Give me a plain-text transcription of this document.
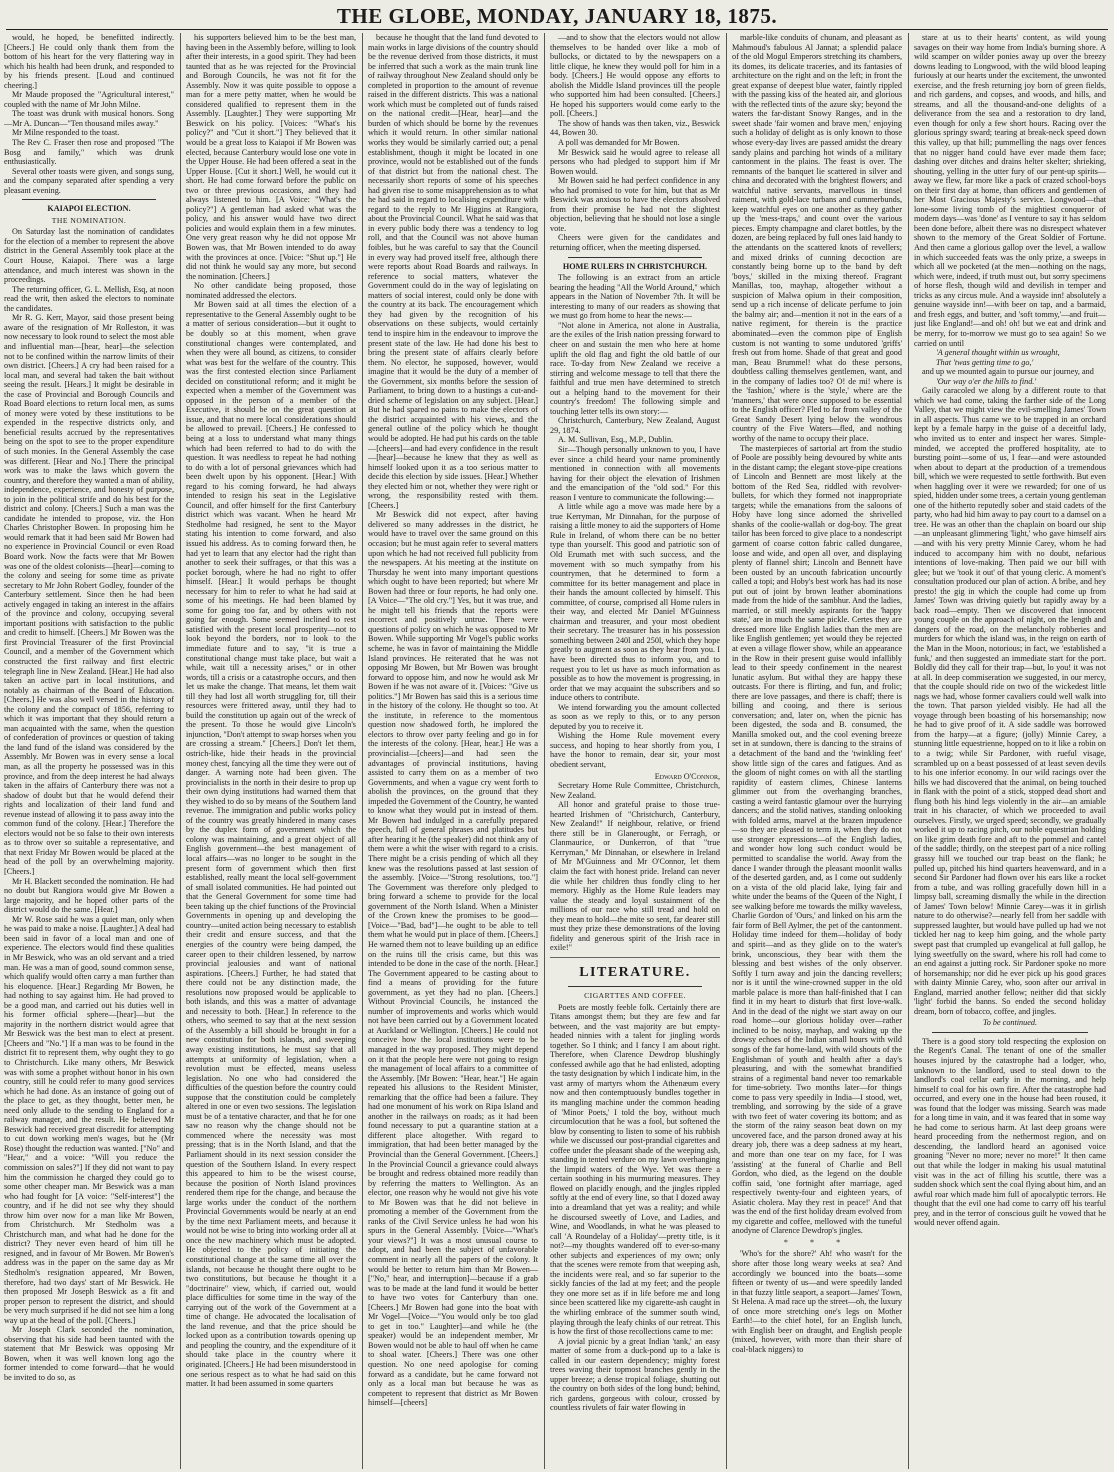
THE GLOBE, MONDAY, JANUARY 18, 1875.

would, he hoped, be benefitted indirectly. [Cheers.] He could only thank them from the bottom of his heart for the very flattering way in which his health had been drunk, and responded to by his friends present. [Loud and continued cheering.]

Mr Maude proposed the "Agricultural interest," coupled with the name of Mr John Milne.

The toast was drunk with musical honors. Song—Mr A. Duncan—"Ten thousand miles away."

Mr Milne responded to the toast.

The Rev C. Fraser then rose and proposed "The Bosg and family," which was drunk enthusiastically.

Several other toasts were given, and songs sung, and the company separated after spending a very pleasant evening.

KAIAPOI ELECTION.

THE NOMINATION.

On Saturday last the nomination of candidates for the election of a member to represent the above district in the General Assembly took place at the Court House, Kaiapoi. There was a large attendance, and much interest was shown in the proceedings.

The returning officer, G. L. Mellish, Esq, at noon read the writ, then asked the electors to nominate the candidates.

Mr R. G. Kerr, Mayor, said those present being aware of the resignation of Mr Rolleston, it was now necessary to look round to select the most able and influential man—[hear, hear]—the selection not to be confined within the narrow limits of their own district. [Cheers.] A cry had been raised for a local man, and several had taken the bait without seeing the result. [Hears.] It might be desirable in the case of Provincial and Borough Councils and Road Board elections to return local men, as sums of money were voted by these institutions to be expended in the respective districts only, and beneficial results accrued by the representatives being on the spot to see to the proper expenditure of such monies. In the General Assembly the case was different. [Hear and No.] There the principal work was to make the laws which govern the country, and therefore they wanted a man of ability, independence, experience, and honesty of purpose, to join in the political strife and do his best for the district and colony. [Cheers.] Such a man was the candidate he intended to propose, viz. the Hon Charles Christopher Bowen. In proposing him he would remark that it had been said Mr Bowen had no experience in Provincial Council or even Road Board work. Now the facts were that Mr Bowen was one of the oldest colonists—[hear]—coming to the colony and seeing for some time as private secretary to Mr John Robert Godley, founder of the Canterbury settlement. Since then he had been actively engaged in taking an interest in the affairs of the province and colony, occupying several important positions with satisfaction to the public and credit to himself. [Cheers.] Mr Bowen was the first Provincial Treasurer of the first Provincial Council, and a member of the Government which constructed the first railway and first electric telegraph line in New Zealand. [Hear.] He had also taken an active part in local institutions, and notably as chairman of the Board of Education. [Cheers.] He was also well versed in the history of the colony and the compact of 1856, referring to which it was important that they should return a man acquainted with the same, when the question of confederation of provinces or question of taking the land fund of the island was considered by the Assembly. Mr Bowen was in every sense a local man, as all the property he possessed was in this province, and from the deep interest he had always taken in the affairs of Canterbury there was not a shadow of doubt but that he would defend their rights and localization of their land fund and revenue instead of allowing it to pass away into the common fund of the colony. [Hear.] Therefore the electors would not be so false to their own interests as to throw over so suitable a representative, and that next Friday Mr Bowen would be placed at the head of the poll by an overwhelming majority. [Cheers.]

Mr H. Blackett seconded the nomination. He had no doubt but Rangiora would give Mr Bowen a large majority, and he hoped other parts of the district would do the same. [Hear.]

Mr W. Rose said he was a quiet man, only when he was paid to make a noise. [Laughter.] A deal had been said in favor of a local man and one of experience. The electors would find these qualities in Mr Beswick, who was an old servant and a tried man. He was a man of good, sound common sense, which qualify would often carry a man further than his eloquence. [Hear.] Regarding Mr Bowen, he had nothing to say against him. He had proved to be a good man, and carried out his duties well in his former official sphere—[hear]—but the majority in the northern district would agree that Mr Beswick was the best man to elect at present. [Cheers and "No."] If a man was to be found in the district fit to represent them, why ought they to go to Christchurch. Like many others, Mr Beswick was with some a prophet without honor in his own country, still he could refer to many good services which he had done. As an instance of going out of the place to get, as they thought, better men, he need only allude to the sending to England for a railway manager, and the result. He believed Mr Beswick had received great discredit for attempting to cut down working men's wages, but he (Mr Rose) thought the reduction was wanted. ["No" and "Hear," and a voice: "Will you reduce the commission on sales?"] If they did not want to pay him the commission he charged they could go to some other cheaper man. Mr Beswick was a man who had fought for [A voice: "Self-interest"] the country, and if he did not see why they should throw him over now for a man like Mr Bowen, from Christchurch. Mr Stedholm was a Christchurch man, and what had he done for the district? They never even heard of him till he resigned, and in favour of Mr Bowen. Mr Bowen's address was in the paper on the same day as Mr Stedholm's resignation appeared, Mr Bowen, therefore, had two days' start of Mr Beswick. He then proposed Mr Joseph Beswick as a fit and proper person to represent the district, and should be very much surprised if he did not see him a long way up at the head of the poll. [Cheers.]

Mr Joseph Clark seconded the nomination, observing that his side had been taunted with the statement that Mr Beswick was opposing Mr Bowen, when it was well known long ago the former intended to come forward—that he would be invited to do so, as

his supporters believed him to be the best man, having been in the Assembly before, willing to look after their interests, in a good spirit. They had been taunted that as he was rejected for the Provincial and Borough Councils, he was not fit for the Assembly. Now it was quite possible to oppose a man for a mere petty matter, when he would be considered qualified to represent them in the Assembly. [Laughter.] They were supporting Mr Beswick on his policy. [Voices: "What's his policy?" and "Cut it short."] They believed that it would be a great loss to Kaiapoi if Mr Bowen was elected, because Canterbury would lose one vote in the Upper House. He had been offered a seat in the Upper House. [Cut it short.] Well, he would cut it short. He had come forward before the public on two or three previous occasions, and they had always listened to him. [A Voice: "What's the policy?"] A gentleman had asked what was the policy, and his answer would have two direct policies and would explain them in a few minutes. One very great reason why he did not oppose Mr Bowen was, that Mr Bowen intended to do away with the provinces at once. [Voice: "Shut up."] He did not think he would say any more, but second the nomination. [Cheers.]

No other candidate being proposed, those nominated addressed the electors.

Mr Bowen said at all times the election of a representative to the General Assembly ought to be a matter of serious consideration—but it ought to be doubly so at this moment, when grave constitutional changes were contemplated, and when they were all bound, as citizens, to consider what was best for the welfare of the country. This was the first contested election since Parliament decided on constitutional reform; and it might be expected when a member of the Government was opposed in the person of a member of the Executive, it should be on the great question at issue, and that no mere local considerations should be allowed to prevail. [Cheers.] He confessed to being at a loss to understand what many things which had been referred to had to do with the question. It was needless to repeat he had nothing to do with a lot of personal grievances which had been dwelt upon by his opponent. [Hear.] With regard to his coming forward, he had always intended to resign his seat in the Legislative Council, and offer himself for the first Canterbury district which was vacant. When he heard Mr Stedholme had resigned, he sent to the Mayor stating his intention to come forward, and also issued his address. As to coming forward then, he had yet to learn that any elector had the right than another to seek their suffrages, or that this was a pocket borough, where he had no right to offer himself. [Hear.] It would perhaps be thought necessary for him to refer to what he had said at some of his meetings. He had been blamed by some for going too far, and by others with not going far enough. Some seemed inclined to rest satisfied with the present local prosperity—not to look beyond the borders, nor to look to the immediate future and to say, "it is true a constitutional change must take place, but wait a while, wait till a necessity arises," or in other words, till a crisis or a catastrophe occurs, and then let us make the change. That means, let them wait till they had lost all worth struggling for, till their resources were frittered away, until they had to build the constitution up again out of the wreck of the present. To those he would give Lincoln's injunction, "Don't attempt to swap horses when you are crossing a stream." [Cheers.] Don't let them, ostrich-like, hide their heads in the provincial money chest, fancying all the time they were out of danger. A warning note had been given. The provincialists in the north in their desire to prop up their own dying institutions had warned them that they wished to do so by means of the Southern land revenue. The immigration and public works policy of the country was greatly hindered in many cases by the duplex form of government which the colony was maintaining, and a great object of all English government—the best management of local affairs—was no longer to be sought in the present form of government which then first established, really meant the local self-government of small isolated communities. He had pointed out that the General Government for some time had been taking up the chief functions of the Provincial Governments in opening up and developing the country—united action being necessary to establish their credit and ensure success, and that the energies of the country were being damped, the career open to their children lessened, by narrow provincial jealousies and want of national aspirations. [Cheers.] Further, he had stated that there could not be any distinction made, the resolutions now proposed would be applicable to both islands, and this was a matter of advantage and necessity to both. [Hear.] In reference to the others, who seemed to say that at the next session of the Assembly a bill should be brought in for a new constitution for both islands, and sweeping away existing institutions, he must say that all attempts at uniformity of legislation, when a revolution must be effected, means useless legislation. No one who had considered the difficulties of the question before the country could suppose that the constitution could be completely altered in one or even two sessions. The legislation must be of a tentative character, and that he for one saw no reason why the change should not be commenced where the necessity was most pressing; that is in the North Island, and that the Parliament should in its next session consider the question of the Southern Island. In every respect this appeared to him to be the wisest course, because the position of North Island provinces rendered them ripe for the change, and because the large works under the conduct of the northern Provincial Governments would be nearly at an end by the time next Parliament meets, and because it would not be wise to bring into working order all at once the new machinery which must be adopted. He objected to the policy of initiating the constitutional change at the same time all over the islands, not because he thought there ought to be two constitutions, but because he thought it a "doctrinaire" view, which, if carried out, would place difficulties for some time in the way of the carrying out of the work of the Government at a time of change. He advocated the localisation of the land revenue, and that the price should be locked upon as a contribution towards opening up and peopling the country, and the expenditure of it should take place in the country where it originated. [Cheers.] He had been misunderstood in one serious respect as to what he had said on this matter. It had been assumed in some quarters

because he thought that the land fund devoted to main works in large divisions of the country should be the revenue derived from those districts, it must be inferred that such a work as the main trunk line of railway throughout New Zealand should only be completed in proportion to the amount of revenue raised in the different districts. This was a national work which must be completed out of funds raised on the national credit—[Hear, hear]—and the burden of which should be borne by the revenues which it would return. In other similar national works they would be similarly carried out; a penal establishment, though it might be located in one province, would not be established out of the funds of that district but from the national chest. The necessarily short reports of some of his speeches had given rise to some misapprehension as to what he had said in regard to localising expenditure with regard to the reply to Mr Higgins at Rangiora, about the Provincial Council. What he said was that in every public body there was a tendency to log roll, and that the Council was not above human foibles, but he was careful to say that the Council in every way had proved itself free, although there were reports about Road Boards and railways. In reference to social matters, whatever the Government could do in the way of legislating on matters of social interest, could only be done with the country at its back. The encouragement which they had given by the recognition of his observations on these subjects, would certainly tend to inspire him in the endeavour to improve the present state of the law. He had done his best to bring the present state of affairs clearly before them. No elector, he supposed, however, would imagine that it would be the duty of a member of the Government, six months before the session of Parliament, to bring down to a hustings a cut-and-dried scheme of legislation on any subject. [Hear.] But he had spared no pains to make the electors of the district acquainted with his views, and the general outline of the policy which he thought would be adopted. He had put his cards on the table—[cheers]—and had every confidence in the result—[hear]—because he knew that they as well as himself looked upon it as a too serious matter to decide this election by side issues. [Hear.] Whether they elected him or not, whether they were right or wrong, the responsibility rested with them. [Cheers.]

Mr Beswick did not expect, after having delivered so many addresses in the district, he would have to travel over the same ground on this occasion; but he must again refer to several matters upon which he had not received full publicity from the newspapers. At his meeting at the institute on Thursday he went into many important questions which ought to have been reported; but where Mr Bowen had three or four reports, he had only one. [A Voice—"The old cry."] Yes, but it was true, and he might tell his friends that the reports were incorrect and positively untrue. There were questions of policy on which he was opposed to Mr Bowen. While supporting Mr Vogel's public works scheme, he was in favor of maintaining the Middle Island provinces. He reiterated that he was not opposing Mr Bowen, but Mr Bowen was brought forward to oppose him, and now he would ask Mr Bowen if he was not aware of it. [Voices: "Give us politics."] Mr Bowen has said this is a serious time in the history of the colony. He thought so too. At the institute, in reference to the momentous question now shadowed forth, he implored the electors to throw over party feeling and go in for the interests of the colony. [Hear, hear.] He was a provincialist—[cheers]—and had seen the advantages of provincial institutions, having assisted to carry them on as a member of two Governments, and when a vague cry went forth to abolish the provinces, on the ground that they impeded the Government of the Country, he wanted to know what they would put in instead of them. Mr Bowen had indulged in a carefully prepared speech, full of general phrases and platitudes but after hearing it he (the speaker) did not think any of them were a whit the wiser with regard to a crisis. There might be a crisis pending of which all they knew was the resolutions passed at last session of the assembly. [Voice—"Strong resolutions, too."] The Government was therefore only pledged to bring forward a scheme to provide for the local government of the North Island. When a Minister of the Crown knew the promises to be good—[Voice—"Bad, bad"]—he ought to be able to tell them what he would put in place of them. [Cheers.] He warned them not to leave building up an edifice on the ruins till the crisis came, but this was intended to be done in the case of the north. [Hear.] The Government appeared to be casting about to find a means of providing for the future government, as yet they had no plan. [Cheers.] Without Provincial Councils, he instanced the number of improvements and works which would not have been carried out by a Government located at Auckland or Wellington. [Cheers.] He could not conceive how the local institutions were to be managed in the way proposed. They might depend on it that the people here were not going to resign the management of local affairs to a committee of the Assembly. [Mr Bowen: "Hear, hear."] He again repeated his allusions to the Resident Minister, remarking that the office had been a failure. They had one monument of his work on Ripa Island and another in the railways on roads; as it had been found necessary to put a quarantine station at a different place altogether. With regard to immigration, that had been better managed by the Provincial than the General Government. [Cheers.] In the Provincial Council a grievance could always be brought and redress obtained more readily than by referring the matters to Wellington. As an elector, one reason why he would not give his vote to Mr Bowen was that he did not believe in promoting a member of the Government from the ranks of the Civil Service unless he had won his spurs in the General Assembly. [Voice—"What's your views?"] It was a most unusual course to adopt, and had been the subject of unfavorable comment in nearly all the papers of the colony. It would be better to return him than Mr Bowen—["No," hear, and interruption]—because if a grab was to be made at the land fund it would be better to have two votes for Canterbury than one. [Cheers.] Mr Bowen had gone into the boat with Mr Vogel—[Voice—"You would only be too glad to get in too." Laughter]—and while he (the speaker) would be an independent member, Mr Bowen would not be able to haul off when he came to shoal water. [Cheers.] There was one other question. No one need apologise for coming forward as a candidate, but he came forward not only as a local man but because he was as competent to represent that district as Mr Bowen himself—[cheers]

—and to show that the electors would not allow themselves to be handed over like a mob of bullocks, or dictated to by the newspapers on a little clique, he knew they would poll for him in a body. [Cheers.] He would oppose any efforts to abolish the Middle Island provinces till the people who supported him had been consulted. [Cheers.] He hoped his supporters would come early to the poll. [Cheers.]

The show of hands was then taken, viz., Beswick 44, Bowen 30.

A poll was demanded for Mr Bowen.

Mr Beswick said he would agree to release all persons who had pledged to support him if Mr Bowen would.

Mr Bowen said he had perfect confidence in any who had promised to vote for him, but that as Mr Beswick was anxious to have the electors absolved from their promise he had not the slightest objection, believing that he should not lose a single vote.

Cheers were given for the candidates and returning officer, when the meeting dispersed.

HOME RULERS IN CHRISTCHURCH.

The following is an extract from an article bearing the heading "All the World Around," which appears in the Nation of November 7th. It will be interesting to many of our readers as showing that we must go from home to hear the news:—

"Not alone in America, not alone in Australia, are the exiles of the Irish nation pressing forward to cheer on and sustain the men who here at home uplift the old flag and fight the old battle of our race. To-day from New Zealand we receive a stirring and welcome message to tell that there the faithful and true men have determined to stretch out a helping hand to the movement for their country's freedom! The following simple and touching letter tells its own story:—

Christchurch, Canterbury, New Zealand, August 29, 1874.

A. M. Sullivan, Esq., M.P., Dublin.

Sir—Though personally unknown to you, I have ever since a child heard your name prominently mentioned in connection with all movements having for their object the elevation of Irishmen and the emancipation of the "old sod." For this reason I venture to communicate the following:—

A little while ago a move was made here by a true Kerryman, Mr Dinnahan, for the purpose of raising a little money to aid the supporters of Home Rule in Ireland, of whom there can be no better type than yourself. This good and patriotic son of Old Erumath met with such success, and the movement with so much sympathy from his countrymen, that he determined to form a committee for its better management and place in their hands the amount collected by himself. This committee, of course, comprised all Home rulers in their way, and elected Mr Daniel M'Guinness chairman and treasurer, and your most obedient their secretary. The treasurer has in his possession something between 240l and 250l, which they hope greatly to augment as soon as they hear from you. I have been directed thus to inform you, and to request you to let us have as much information as possible as to how the movement is progressing, in order that we may acquaint the subscribers and so induce others to contribute.

We intend forwarding you the amount collected as soon as we reply to this, or to any person deputed by you to receive it.

Wishing the Home Rule movement every success, and hoping to hear shortly from you, I have the honor to remain, dear sir, your most obedient servant,

Edward O'Connor,

Secretary Home Rule Committee, Christchurch, New Zealand.

All honor and grateful praise to those true-hearted Irishmen of "Christchurch, Canterbury, New Zealand!" If neighbour, relative, or friend there still be in Glanerought, or Ferragh, or Clanmaurice, or Dunkerron, of that "true Kerryman," Mr Dinnahan, or elsewhere in Ireland of Mr M'Guinness and Mr O'Connor, let them claim the fact with honest pride. Ireland can never die while her children thus fondly cling to her memory. Highly as the Home Rule leaders may value the steady and loyal sustainment of the millions of our race who still tread and hold on they mean to hold—the mite so sent, far dearer still must they prize these demonstrations of the loving fidelity and generous spirit of the Irish race in exile!"

LITERATURE.

CIGARTTES AND COFFEE.

Poets are mostly feeble folk. Certainly there are Titans amongst them; but they are few and far between, and the vast majority are but empty-headed ninnies with a talent for jingling words together. So I think; and I fancy I am about right. Therefore, when Clarence Dewdrop blushingly confessed awhile ago that he had enlisted, adopting the tasty designation by which I indicate him, in the vast army of martyrs whom the Athenæum every now and then contemptuously bundles together in its mangling machine under the common heading of 'Minor Poets,' I told the boy, without much circumlocution that he was a fool, but softened the blow by consenting to listen to some of his rubbish while we discussed our post-prandial cigarettes and coffee under the pleasant shade of the weeping ash, standing in tented verdure on my lawn overhanging the limpid waters of the Wye. Yet was there a certain soothing in his murmuring measures. They flowed on placidly enough, and the jingles rippled softly at the end of every line, so that I dozed away into a dreamland that yet was a reality; and while he discoursed sweetly of Love, and Ladies, and Wine, and Woodlands, in what he was pleased to call 'A Roundelay of a Holiday'—pretty title, is it not?—my thoughts wandered off to ever-so-many other subjects and experiences of my own; only that the scenes were remote from that weeping ash, the incidents were real, and so far superior to the sickly fancies of the lad at my feet; and the people they one more set as if in life before me and long since been scattered like my cigarette-ash caught in the whirling embrace of the summer south wind, playing through the leafy chinks of our retreat. This is how the first of those recollections came to me:

A jovial picnic by a great Indian 'tank,' an easy matter of some from a duck-pond up to a lake is called in our eastern dependency; mighty forest trees waving their topmost branches gently in the upper breeze; a dense tropical foliage, shutting out the country on both sides of the long bund; behind, rich gardens, gorgeous with colour, crossed by countless rivulets of fair water flowing in

marble-like conduits of chunam, and pleasant as Mahmoud's fabulous Al Jannat; a splendid palace of the old Mogul Emperors stretching its chambers, its domes, its delicate traceries, and its fantasies of architecture on the right and on the left; in front the great expanse of deepest blue water, faintly rippled with the passing kiss of the heated air, and glorious with the reflected tints of the azure sky; beyond the waters the far-distant Snowy Ranges, and in the sweet shade 'fair women and brave men,' enjoying such a holiday of delight as is only known to those whose every-day lives are passed amidst the dreary sandy plains and parching hot winds of a military cantonment in the plains. The feast is over. The remnants of the banquet lie scattered in silver and china and decorated with the brightest flowers; and watchful native servants, marvellous in tinsel raiment, with gold-lace turbans and cummerbunds, keep watchful eyes on one another as they gather up the 'mess-traps,' and count over the various pieces. Empty champagne and claret bottles, by the dozen, are being replaced by full ones laid handy to the attendants on the scattered knots of revellers; and mixed drinks of cunning decoction are constantly being borne up to the band by deft 'boys,' skilled in the mixing thereof. Fragrant Manillas, too, mayhap, altogether without a suspicion of Malwa opium in their composition, send up a rich incense of delicate perfume to join the balmy air; and—mention it not in the ears of a native regiment, for therein is the practice abominated—even the common pipe of English custom is not wanting to some undutored 'griffs' fresh out from home. Shade of that great and good man, Beau Brummel! what do these persons, doubtless calling themselves gentlemen, want, and in the company of ladies too? O! de mi! where is the 'fashion,' where is the 'style,' where are the 'manners,' that were once supposed to be essential to the English officer? Fled to far from valley of the Great Sandy Desert lying below the wondrous country of the Five Waters—fled, and nothing worthy of the name to occupy their place.

The masterpieces of sartorial art from the studio of Poole are possibly being devoured by white ants in the distant camp; the elegant stove-pipe creations of Lincoln and Bennett are most likely at the bottom of the Red Sea, riddled with revolver-bullets, for which they formed not inappropriate targets; while the emanations from the saloons of Hoby have long since adorned the shrivelled shanks of the coolie-wallah or dog-boy. The great tailor has been forced to give place to a nondescript garment of coarse cotton fabric called dungaree, loose and wide, and open all over, and displaying plenty of flannel shirt; Lincoln and Bennett have been ousted by an uncouth fabrication uncourtly called a topi; and Hoby's best work has had its nose put out of joint by brown leather abominations made from the hide of the sambhur. And the ladies, married, or still meekly aspirants for the 'happy state,' are in much the same pickle. Certes they are dressed more like English ladies than the men are like English gentlemen; yet would they be rejected at even a village flower show, while an appearance in the Row in their present guise would infallibly lead to their speedy confinement in the nearest lunatic asylum. But withal they are happy these outcasts. For there is flirting, and fun, and frolic; there are love passages, and there is chaff; there is billing and cooing, and there is serious conversation; and, later on, when the picnic has been digested, the soda and B. consumed, the Manilla smoked out, and the cool evening breeze set in at sundown, there is dancing to the strains of a detachment of the band and the 'twinkling feet' show little sign of the cares and fatigues. And as the gloom of night comes on with all the startling rapidity of eastern climes, Chinese lanterns glimmer out from the overhanging branches, casting a weird fantastic glamour over the hurrying dancers; and the stolid natives, standing onlooking with folded arms, marvel at the brazen impudence—so they are pleased to term it, when they do not use stronger expressions—of the English ladies, and wonder how long such conduct would be permitted to scandalise the world. Away from the dance I wander through the pleasant moonlit walks of the deserted garden, and, as I come out suddenly on a vista of the old placid lake, lying fair and white under the beams of the Queen of the Night, I see walking before me towards the milky waveless, Charlie Gordon of 'Ours,' and linked on his arm the fair form of Bell Aylmer, the pet of the cantonment. Holiday time indeed for them—holiday of body and spirit—and as they glide on to the water's brink, unconscious, they bear with them the blessing and best wishes of the only observer. Softly I turn away and join the dancing revellers; nor is it until the wine-crowned supper in the old marble palace is more than half-finished that I can find it in my heart to disturb that first love-walk. And in the dead of the night we start away on our road home—our glorious holiday over—rather inclined to be noisy, mayhap, and waking up the drowsy echoes of the Indian small hours with wild songs of the far home-land, with wild shouts of the Englishman of youth and health after a day's pleasuring, and with the somewhat brandified strains of a regimental band never too remarkable for time-sobriety. Two months later—for things come to pass very speedily in India—I stood, wet, trembling, and sorrowing by the side of a grave with two feet of water covering its bottom; and as the storm of the rainy season beat down on my uncovered face, and the parson droned away at his dreary job, there was a deep sadness at my heart, and more than one tear on my face, for I was 'assisting' at the funeral of Charlie and Bell Gordon, who died, as the legend on the double coffin said, 'one fortnight after marriage, aged respectively twenty-four and eighteen years, of Asiatic cholera. May they rest in peace!' And that was the end of the first holiday dream evolved from my cigarette and coffee, mellowed with the tuneful anodyne of Clarence Dewdrop's jingles.

* * *

'Who's for the shore?' Ah! who wasn't for the shore after those long weary weeks at sea? And accordingly we bounced into the boats—some fifteen or twenty of us—and were speedily landed in that fuzzy little seaport, a seaport—James' Town, St Helena. A mad race up the street—oh, the luxury of once more stretching one's legs on Mother Earth!—to the chief hotel, for an English lunch, with English beer on draught, and English people (mixed, however, with more than their share of coal-black niggers) to

stare at us to their hearts' content, as wild young savages on their way home from India's burning shore. A wild scamper on wilder ponies away up over the breezy downs leading to Longwood, with the wild blood leaping furiously at our hearts under the excitement, the unwonted exercise, and the fresh returning joy born of green fields, and rich gardens, and copses, and woods, and hills, and streams, and all the thousand-and-one delights of a deliverance from the sea and a restoration to dry land, even though for only a few short hours. Racing over the glorious springy sward; tearing at break-neck speed down this valley, up that hill; pummelling the nags over fences that no nigger hand could have ever made them face; dashing over ditches and drains helter skelter; shrieking, shouting, yelling in the utter fury of our pent-up spirits—away we flew, far more like a pack of crazed school-boys on their first day at home, than officers and gentlemen of her Most Gracious Majesty's service. Longwood—that lone-some living tomb of the mightiest conqueror of modern days—was 'done' as I venture to say it has seldom been done before, albeit there was no disrespect whatever shown to the memory of the Great Soldier of Fortune. And then came a glorious gallop over the level, a wallow in which succeeded feats was the only prize, a sweeps in which all we pocketed (at the men—nothing on the nags, which were, indeed, if truth must out, but sorry specimens of horse flesh, though wild and devilish in temper and tricks as any circus mule. And a wayside inn! absolutely a genuine wayside inn!—with beer on tap, and a barmaid, and fresh eggs, and butter, and 'soft tommy,'—and fruit—just like England!—and oh! oh! but we eat and drink and be merry, for to-morrow we must go to sea again! So we carried on until

'A general thought within us wrought,

That 'twas getting time to go,'

and up we mounted again to pursue our journey, and

'Our way o'er the hills to find.'

Gaily caracoled we along by a different route to that which we had come, taking the farther side of the Long Valley, that we might view the evil-smelling James' Town in all aspects. Thus came we to be trapped in an orchard kept by a female harpy in the guise of a deceitful lady, who invited us to enter and inspect her wares. Simple-minded, we accepted the proffered hospitality, ate to bursting point—some of us, I fear—and were astounded when about to depart at the production of a tremendous bill, which we were requested to settle forthwith. But even when haggling over it were we rewarded; for one of us spied, hidden under some trees, a certain young gentleman one of the hitherto reputedly sober and staid cadets of the party, who had hid him away to pay court to a damsel on a tree. He was an other than the chaplain on board our ship—an unpleasant glimmering 'light,' who gave himself airs—and with his very pretty Minnie Carey, whom he had induced to accompany him with no doubt, nefarious intentions of love-making. Then paid we our bill with glee; but we 'took it out' of that young cleric. A moment's consultation produced our plan of action. A bribe, and hey presto! the gig in which the couple had come up from James' Town was driving quietly but rapidly away by a back road—empty. Then we discovered that innocent young couple on the approach of night, on the length and dangers of the road, on the melancholy robberies and murders for which the island was, in the reign on earth of the Man in the Moon, notorious; in fact, we 'established a funk,' and then suggested an immediate start for the port. Boldly did they call for their trap—but, lo you! it was not at all. In deep commiseration we suggested, in our mercy, that the couple should ride on two of the wickedest little nags we had, whose former cavaliers could well walk into the town. That parson yielded visibly. He had all the voyage through been boasting of his horsemanship; now he had to give proof of it. A side saddle was borrowed from the harpy—at a figure; (jolly) Minnie Carey, a stunning little equestrienne, hopped on to it like a robin on to a twig; while Sir Pardoner, with rueful visage, scrambled up on a beast possessed of at least seven devils to his one inferior economy. In our wild racings over the hills we had discovered that the animal, on being touched in flank with the point of a stick, stopped dead short and flung both his hind legs violently in the air—an amiable trait in his character, of which we proceeded to avail ourselves. Firstly, we urged speed; secondly, we gradually worked it up to racing pitch, our noble equestrian holding on like grim death fore and aft to the pommel and cantel of the saddle; thirdly, on the steepest part of a nice rolling grassy hill we touched our trap beast on the flank; he pulled up, pitched his hind quarters heavenward, and in a second Sir Pardoner had flown over his ears like a rocket from a tube, and was rolling gracefully down hill in a limpsy ball, screaming dismally the while in the direction of James' Town below! Minnie Carey—was it in girlish nature to do otherwise?—nearly fell from her saddle with suppressed laughter, but would have pulled up had we not tickled her nag to keep him going, and the whole party swept past that crumpled up evangelical at full gallop, he lying sweetfully on the sward, where his roll had come to an end against a jutting rock. Sir Pardoner spoke no more of horsemanship; nor did he ever pick up his good graces with dainty Minnie Carey, who, soon after our arrival in England, married another fellow; neither did that sickly 'light' forbid the banns. So ended the second holiday dream, born of tobacco, coffee, and jingles.

To be continued.

There is a good story told respecting the explosion on the Regent's Canal. The tenant of one of the smaller houses injured by the catastrophe had a lodger, who, unknown to the landlord, used to steal down to the landlord's coal cellar early in the morning, and help himself to coal for his own fire. After the catastrophe had occurred, and every one in the house had been roused, it was found that the lodger was missing. Search was made for a long time in vain, and it was feared that in some way he had come to serious harm. At last deep groans were heard proceeding from the nethermost region, and on descending, the landlord heard an agonised voice groaning "Never no more; never no more!" It then came out that while the lodger in making his usual matutinal visit was in the act of filling his scuttle, there was a sudden shock which sent the coal flying about him, and an awful roar which made him full of apocalyptic terrors. He thought that the evil one had come to carry off his tearful prey, and in the terror of conscious guilt he vowed that he would never offend again.
